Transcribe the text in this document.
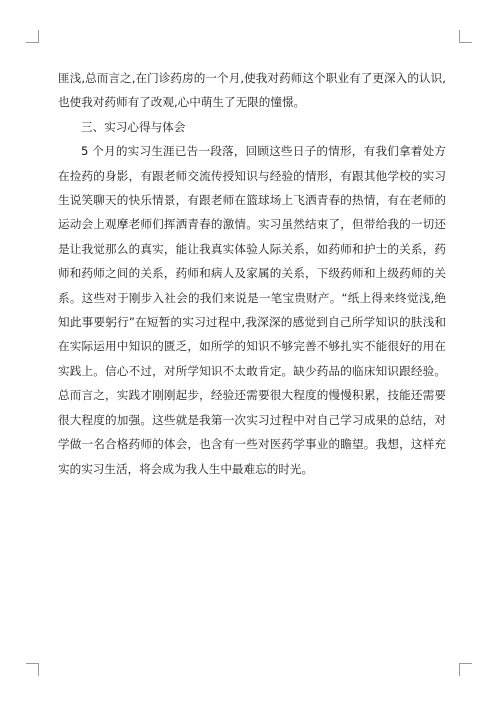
匪浅,总而言之,在门诊药房的一个月,使我对药师这个职业有了更深入的认识,也使我对药师有了改观,心中萌生了无限的憧憬。

三、实习心得与体会

5 个月的实习生涯已告一段落，回顾这些日子的情形，有我们拿着处方在捡药的身影，有跟老师交流传授知识与经验的情形，有跟其他学校的实习生说笑聊天的快乐情景，有跟老师在篮球场上飞洒青春的热情，有在老师的运动会上观摩老师们挥洒青春的激情。实习虽然结束了，但带给我的一切还是让我觉那么的真实，能让我真实体验人际关系，如药师和护士的关系，药师和药师之间的关系，药师和病人及家属的关系，下级药师和上级药师的关系。这些对于刚步入社会的我们来说是一笔宝贵财产。“纸上得来终觉浅,绝知此事要躬行”在短暂的实习过程中,我深深的感觉到自己所学知识的肤浅和在实际运用中知识的匮乏，如所学的知识不够完善不够扎实不能很好的用在实践上。信心不过，对所学知识不太敢肯定。缺少药品的临床知识跟经验。总而言之，实践才刚刚起步，经验还需要很大程度的慢慢积累，技能还需要很大程度的加强。这些就是我第一次实习过程中对自己学习成果的总结，对学做一名合格药师的体会，也含有一些对医药学事业的瞻望。我想，这样充实的实习生活，将会成为我人生中最难忘的时光。
